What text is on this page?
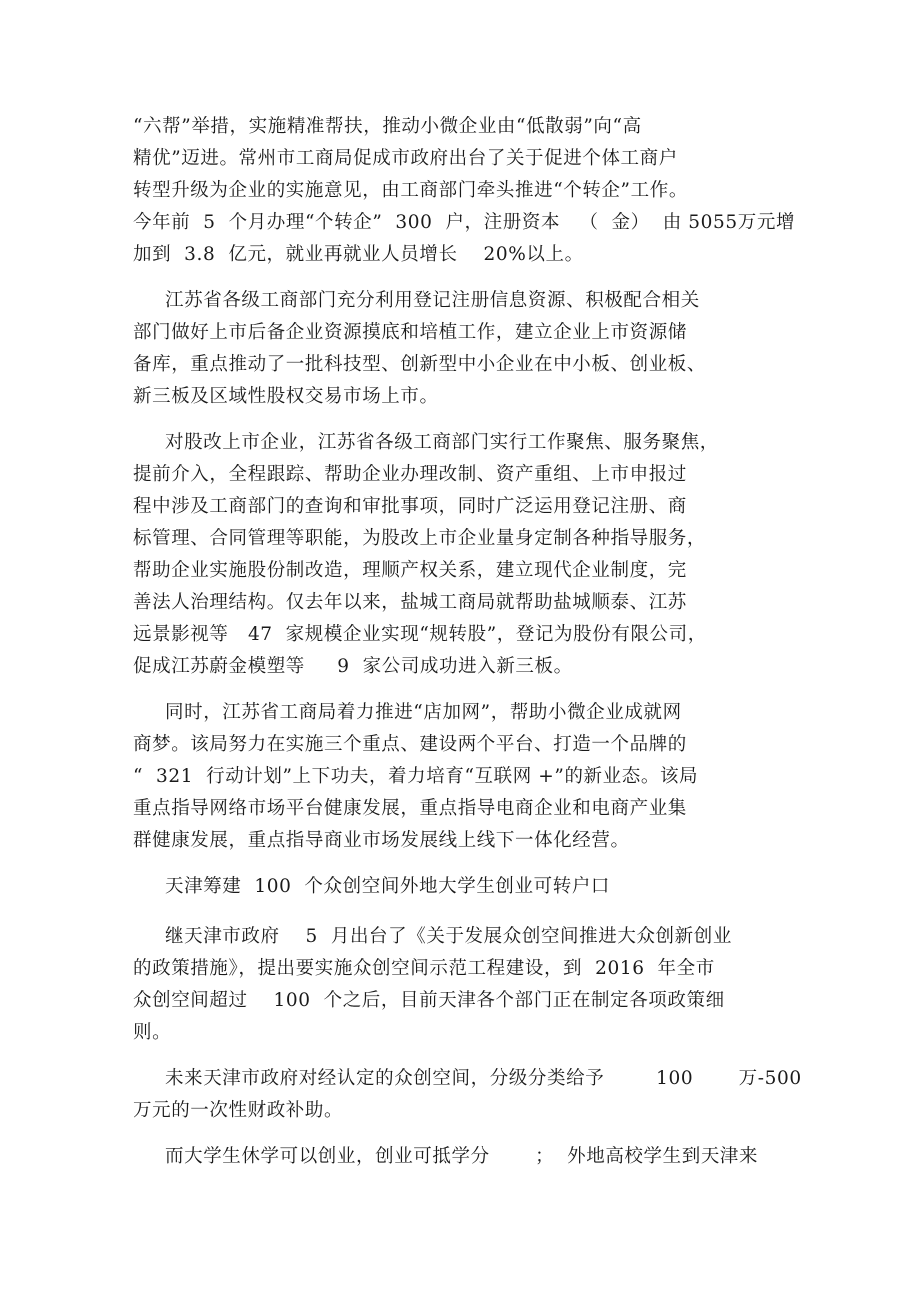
“六帮”举措，实施精准帮扶，推动小微企业由“低散弱”向“高
精优”迈进。常州市工商局促成市政府出台了关于促进个体工商户
转型升级为企业的实施意见，由工商部门牵头推进“个转企”工作。
今年前  5  个月办理“个转企”  300  户，注册资本   （  金）  由 5055万元增
加到  3.8  亿元，就业再就业人员增长    20%以上。
江苏省各级工商部门充分利用登记注册信息资源、积极配合相关
部门做好上市后备企业资源摸底和培植工作，建立企业上市资源储
备库，重点推动了一批科技型、创新型中小企业在中小板、创业板、
新三板及区域性股权交易市场上市。
对股改上市企业，江苏省各级工商部门实行工作聚焦、服务聚焦，
提前介入，全程跟踪、帮助企业办理改制、资产重组、上市申报过
程中涉及工商部门的查询和审批事项，同时广泛运用登记注册、商
标管理、合同管理等职能，为股改上市企业量身定制各种指导服务，
帮助企业实施股份制改造，理顺产权关系，建立现代企业制度，完
善法人治理结构。仅去年以来，盐城工商局就帮助盐城顺泰、江苏
远景影视等   47  家规模企业实现“规转股”，登记为股份有限公司，
促成江苏蔚金模塑等     9  家公司成功进入新三板。
同时，江苏省工商局着力推进“店加网”，帮助小微企业成就网
商梦。该局努力在实施三个重点、建设两个平台、打造一个品牌的
“  321  行动计划”上下功夫，着力培育“互联网 +”的新业态。该局
重点指导网络市场平台健康发展，重点指导电商企业和电商产业集
群健康发展，重点指导商业市场发展线上线下一体化经营。
天津筹建  100  个众创空间外地大学生创业可转户口
继天津市政府    5  月出台了《关于发展众创空间推进大众创新创业
的政策措施》，提出要实施众创空间示范工程建设，到  2016  年全市
众创空间超过    100  个之后，目前天津各个部门正在制定各项政策细
则。
未来天津市政府对经认定的众创空间，分级分类给予        100       万-500
万元的一次性财政补助。
而大学生休学可以创业，创业可抵学分       ；  外地高校学生到天津来
